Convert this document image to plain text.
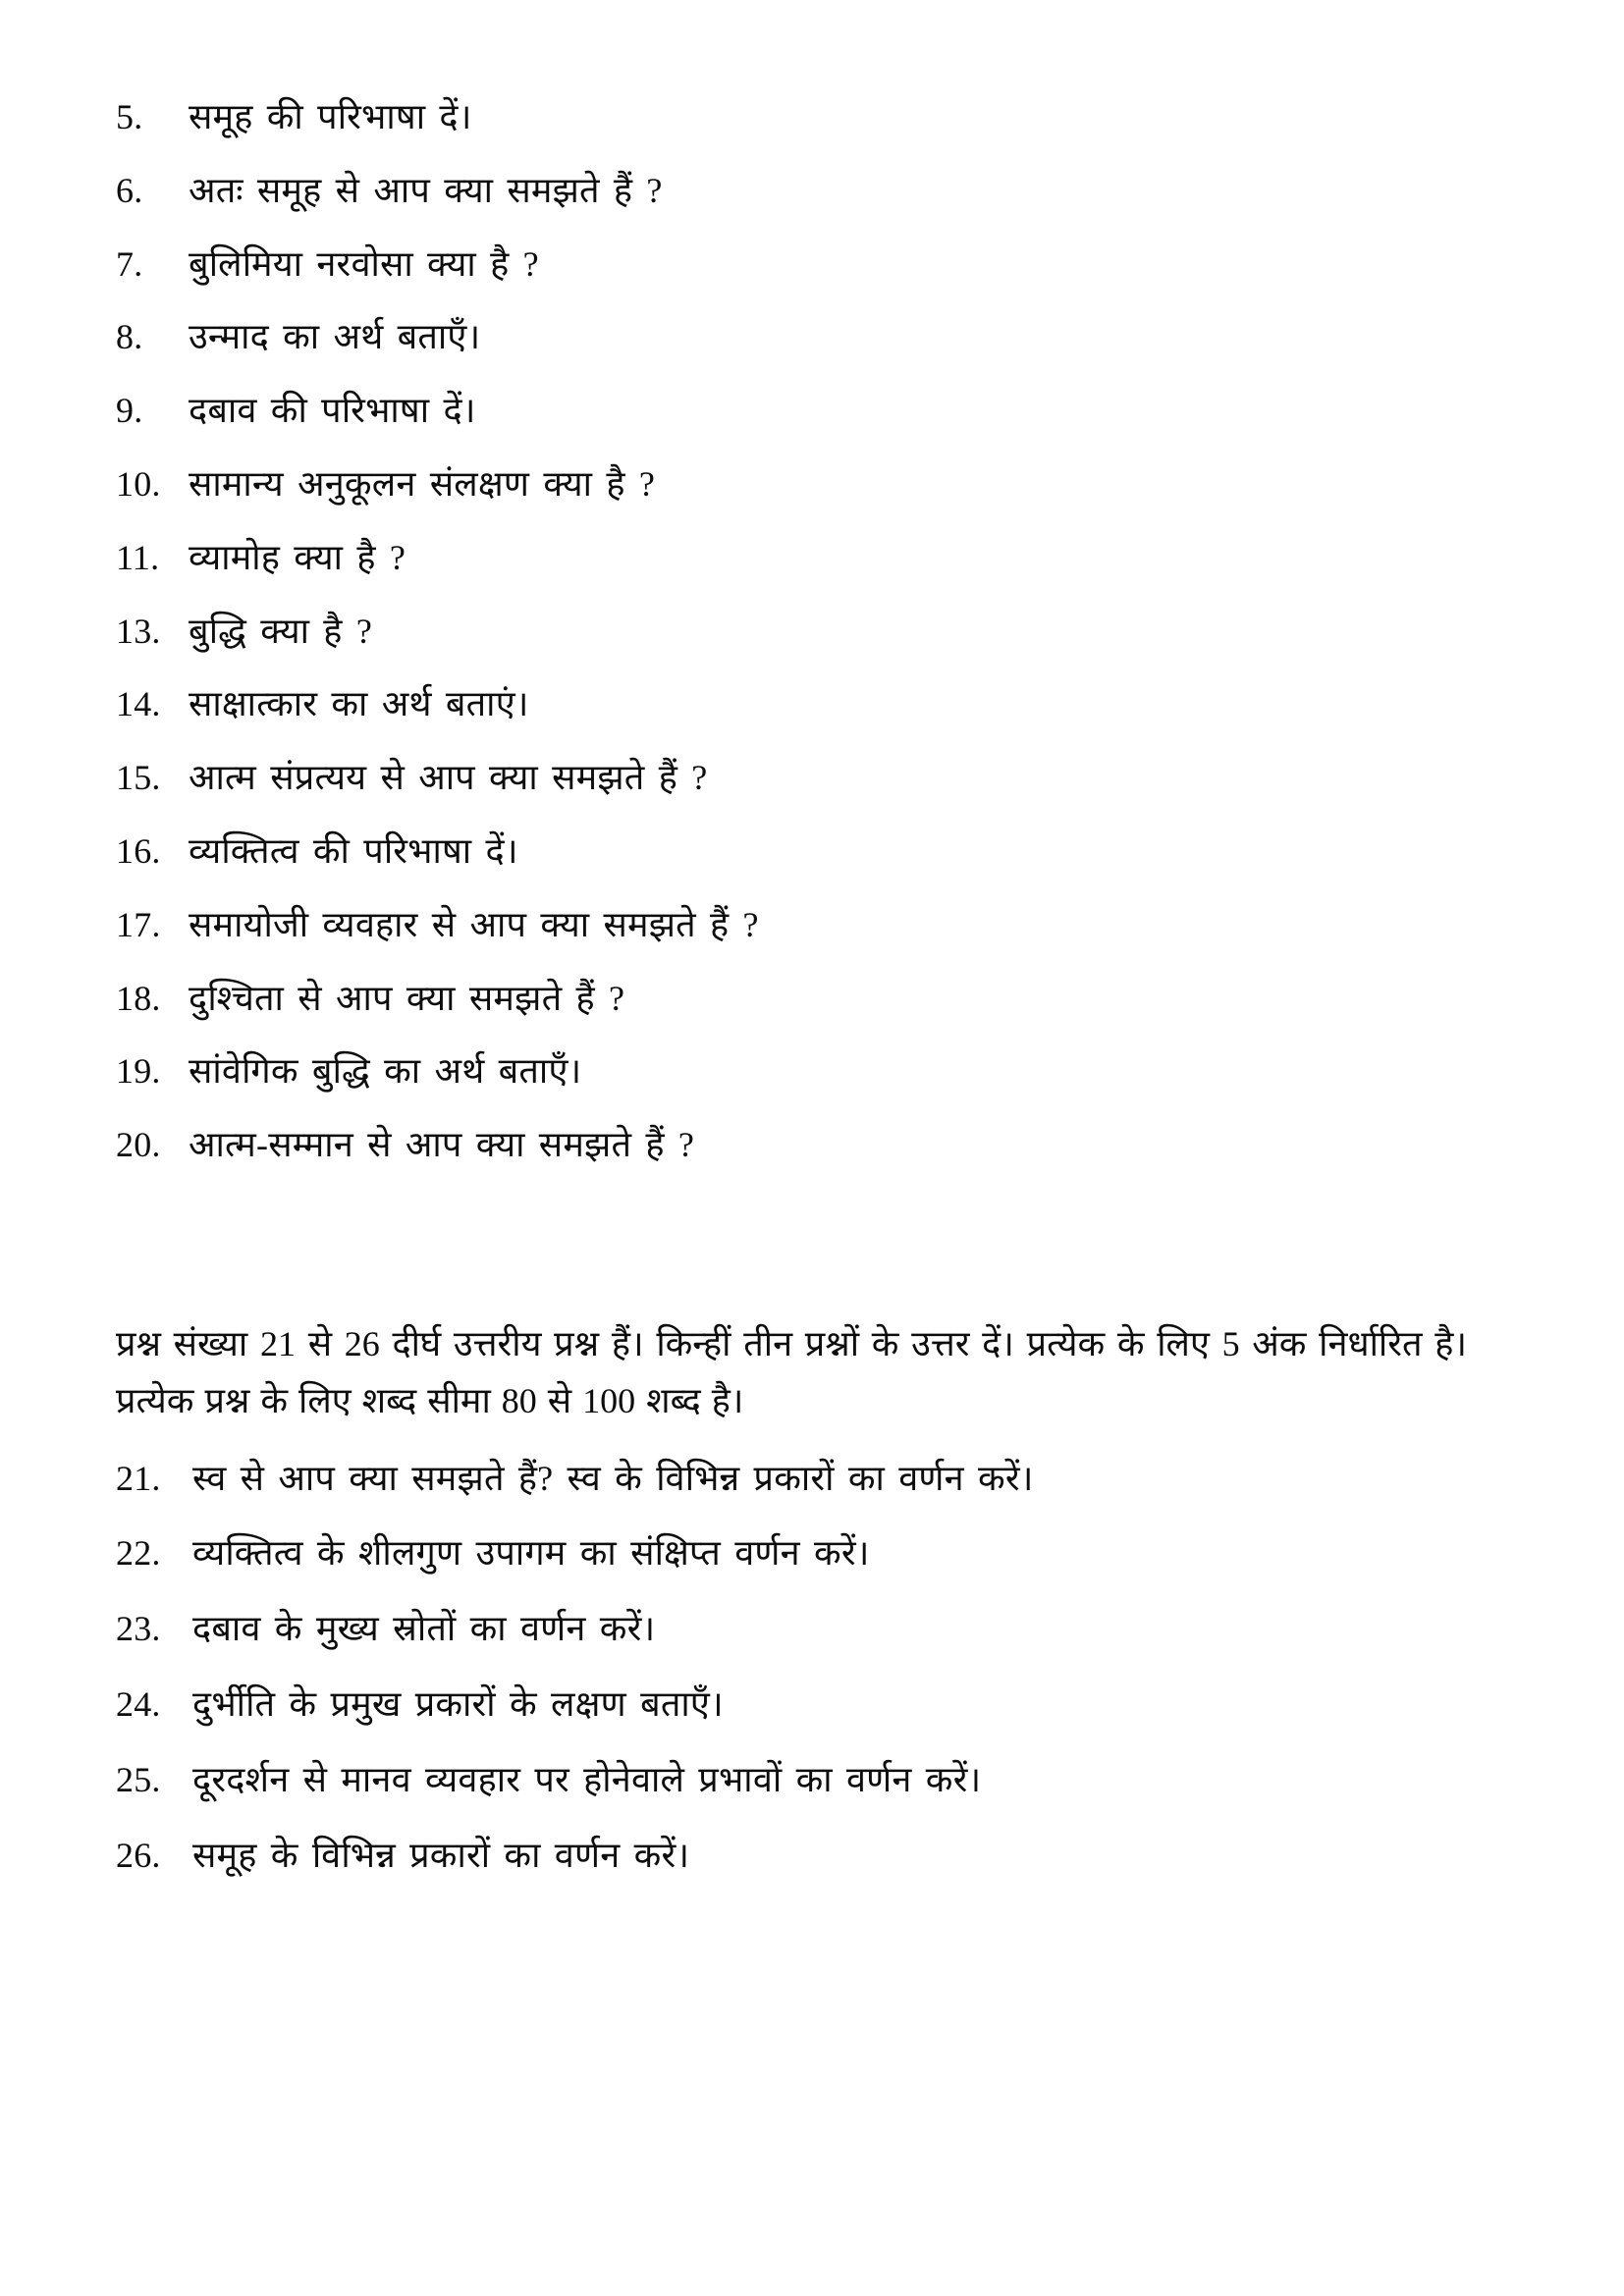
5.	समूह की परिभाषा दें।
6.	अतः समूह से आप क्या समझते हैं ?
7.	बुलिमिया नरवोसा क्या है ?
8.	उन्माद का अर्थ बताएँ।
9.	दबाव की परिभाषा दें।
10. सामान्य अनुकूलन संलक्षण क्या है ?
11. व्यामोह क्या है ?
13. बुद्धि क्या है ?
14. साक्षात्कार का अर्थ बताएं।
15. आत्म संप्रत्यय से आप क्या समझते हैं ?
16. व्यक्तित्व की परिभाषा दें।
17. समायोजी व्यवहार से आप क्या समझते हैं ?
18. दुश्चिता से आप क्या समझते हैं ?
19. सांवेगिक बुद्धि का अर्थ बताएँ।
20. आत्म-सम्मान से आप क्या समझते हैं ?

प्रश्न संख्या 21 से 26 दीर्घ उत्तरीय प्रश्न हैं। किन्हीं तीन प्रश्नों के उत्तर दें। प्रत्येक के लिए 5 अंक निर्धारित है। प्रत्येक प्रश्न के लिए शब्द सीमा 80 से 100 शब्द है।

21. स्व से आप क्या समझते हैं? स्व के विभिन्न प्रकारों का वर्णन करें।
22. व्यक्तित्व के शीलगुण उपागम का संक्षिप्त वर्णन करें।
23. दबाव के मुख्य स्रोतों का वर्णन करें।
24. दुर्भीति के प्रमुख प्रकारों के लक्षण बताएँ।
25. दूरदर्शन से मानव व्यवहार पर होनेवाले प्रभावों का वर्णन करें।
26. समूह के विभिन्न प्रकारों का वर्णन करें।
